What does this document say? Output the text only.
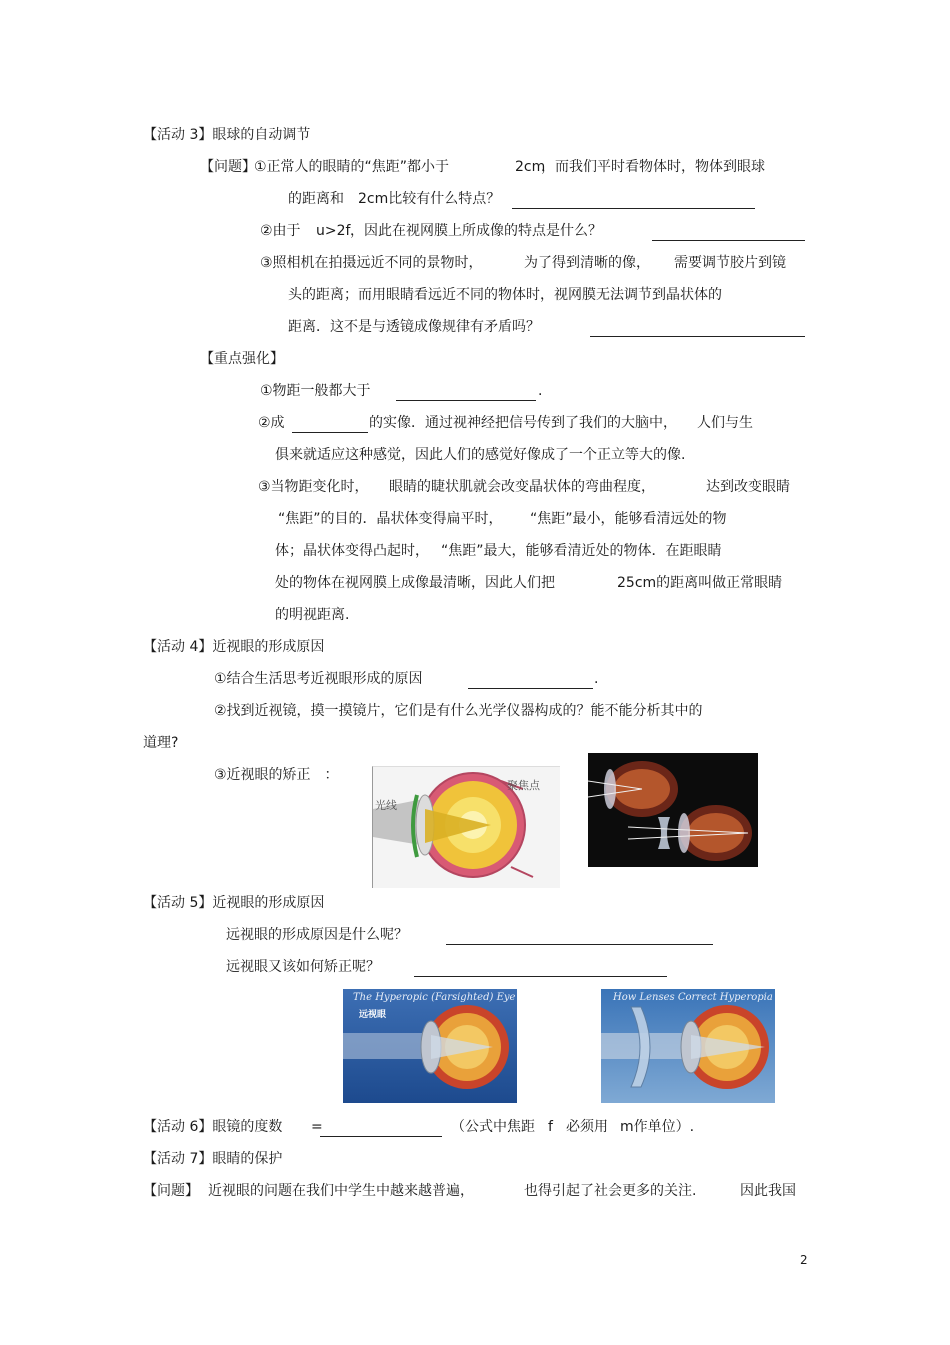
【活动 3】眼球的自动调节
【问题】
①正常人的眼睛的“焦距”都小于	2cm
，而我们平时看物体时，物体到眼球
的距离和 2cm比较有什么特点？
②由于 u>2f ，因此在视网膜上所成像的特点是什么？
③照相机在拍摄远近不同的景物时，	为了得到清晰的像， 需要调节胶片到镜
头的距离；而用眼睛看远近不同的物体时，视网膜无法调节到晶状体的
距离．这不是与透镜成像规律有矛盾吗？
【重点强化】
①物距一般都大于	.
②成	的实像．通过视神经把信号传到了我们的大脑中， 人们与生
俱来就适应这种感觉，因此人们的感觉好像成了一个正立等大的像.
③当物距变化时， 眼睛的睫状肌就会改变晶状体的弯曲程度，	达到改变眼睛
“焦距”的目的．晶状体变得扁平时， “焦距”最小，能够看清远处的物
体；晶状体变得凸起时， “焦距”最大，能够看清近处的物体．在距眼睛
处的物体在视网膜上成像最清晰，因此人们把	25cm的距离叫做正常眼睛
的明视距离.
【活动 4】近视眼的形成原因
①结合生活思考近视眼形成的原因	.
②找到近视镜，摸一摸镜片，它们是有什么光学仪器构成的？能不能分析其中的
道理?
③近视眼的矫正　：
光线
聚焦点
【活动 5】近视眼的形成原因
远视眼的形成原因是什么呢？
远视眼又该如何矫正呢？
The Hyperopic (Farsighted) Eye
远视眼
How Lenses Correct Hyperopia
【活动 6】眼镜的度数 =	（公式中焦距 f 必须用 m作单位）.
【活动 7】眼睛的保护
【问题】 近视眼的问题在我们中学生中越来越普遍，	也得引起了社会更多的关注.	因此我国
2
